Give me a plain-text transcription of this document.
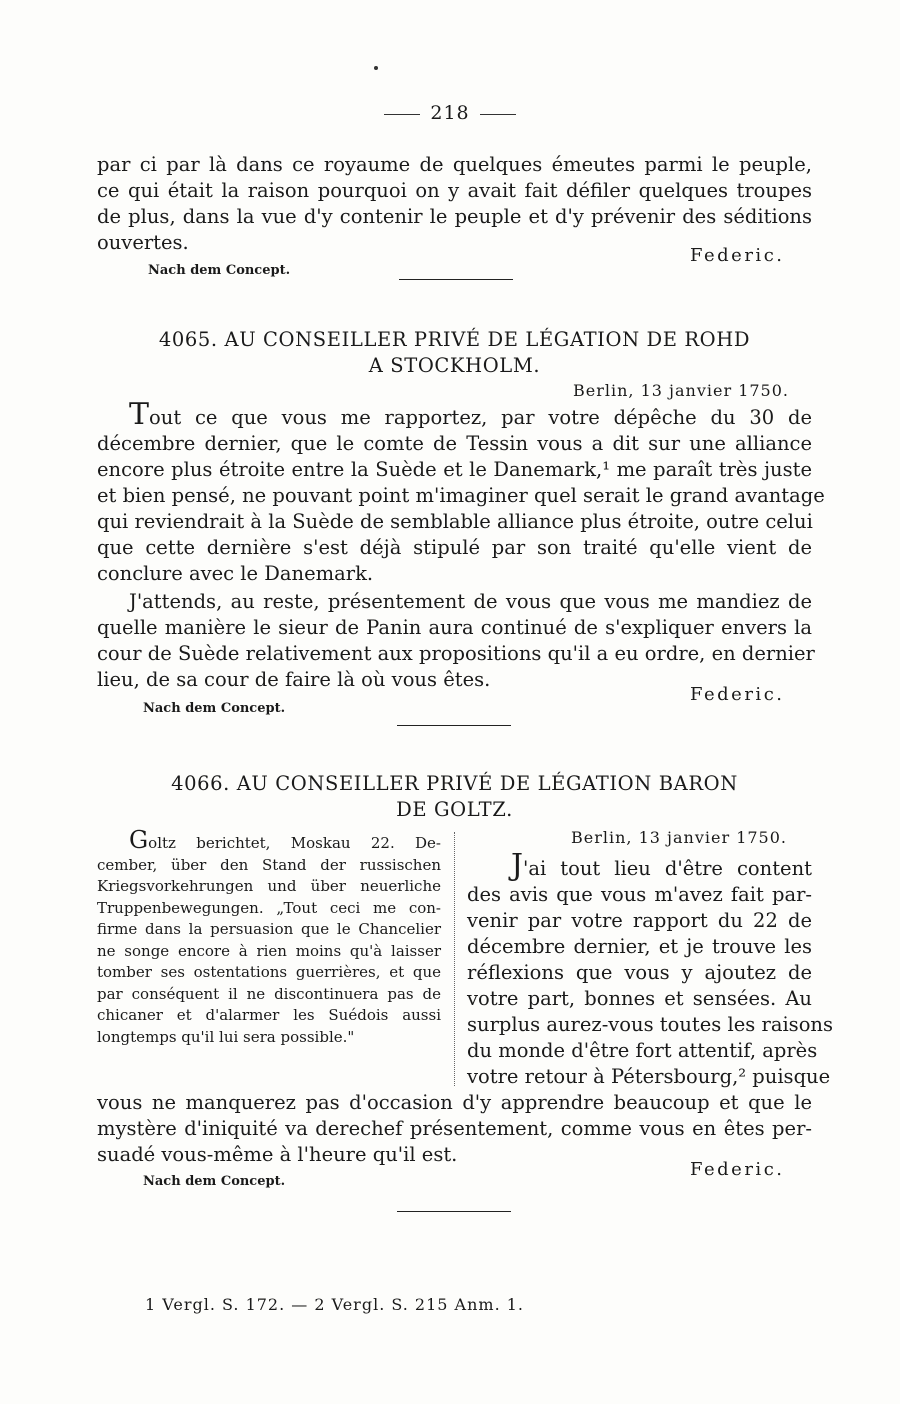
218
par ci par là dans ce royaume de quelques émeutes parmi le peuple,
ce qui était la raison pourquoi on y avait fait défiler quelques troupes
de plus, dans la vue d'y contenir le peuple et d'y prévenir des séditions
ouvertes.
Federic.
Nach dem Concept.
4065. AU CONSEILLER PRIVÉ DE LÉGATION DE ROHD
A STOCKHOLM.
Berlin, 13 janvier 1750.
Tout ce que vous me rapportez, par votre dépêche du 30 de
décembre dernier, que le comte de Tessin vous a dit sur une alliance
encore plus étroite entre la Suède et le Danemark,¹ me paraît très juste
et bien pensé, ne pouvant point m'imaginer quel serait le grand avantage
qui reviendrait à la Suède de semblable alliance plus étroite, outre celui
que cette dernière s'est déjà stipulé par son traité qu'elle vient de
conclure avec le Danemark.
J'attends, au reste, présentement de vous que vous me mandiez de
quelle manière le sieur de Panin aura continué de s'expliquer envers la
cour de Suède relativement aux propositions qu'il a eu ordre, en dernier
lieu, de sa cour de faire là où vous êtes.
Federic.
Nach dem Concept.
4066. AU CONSEILLER PRIVÉ DE LÉGATION BARON
DE GOLTZ.
Goltz berichtet, Moskau 22. De-
cember, über den Stand der russischen
Kriegsvorkehrungen und über neuerliche
Truppenbewegungen. „Tout ceci me con-
firme dans la persuasion que le Chancelier
ne songe encore à rien moins qu'à laisser
tomber ses ostentations guerrières, et que
par conséquent il ne discontinuera pas de
chicaner et d'alarmer les Suédois aussi
longtemps qu'il lui sera possible."
Berlin, 13 janvier 1750.
J'ai tout lieu d'être content
des avis que vous m'avez fait par-
venir par votre rapport du 22 de
décembre dernier, et je trouve les
réflexions que vous y ajoutez de
votre part, bonnes et sensées. Au
surplus aurez-vous toutes les raisons
du monde d'être fort attentif, après
votre retour à Pétersbourg,² puisque
vous ne manquerez pas d'occasion d'y apprendre beaucoup et que le
mystère d'iniquité va derechef présentement, comme vous en êtes per-
suadé vous-même à l'heure qu'il est.
Federic.
Nach dem Concept.
1 Vergl. S. 172. — 2 Vergl. S. 215 Anm. 1.
